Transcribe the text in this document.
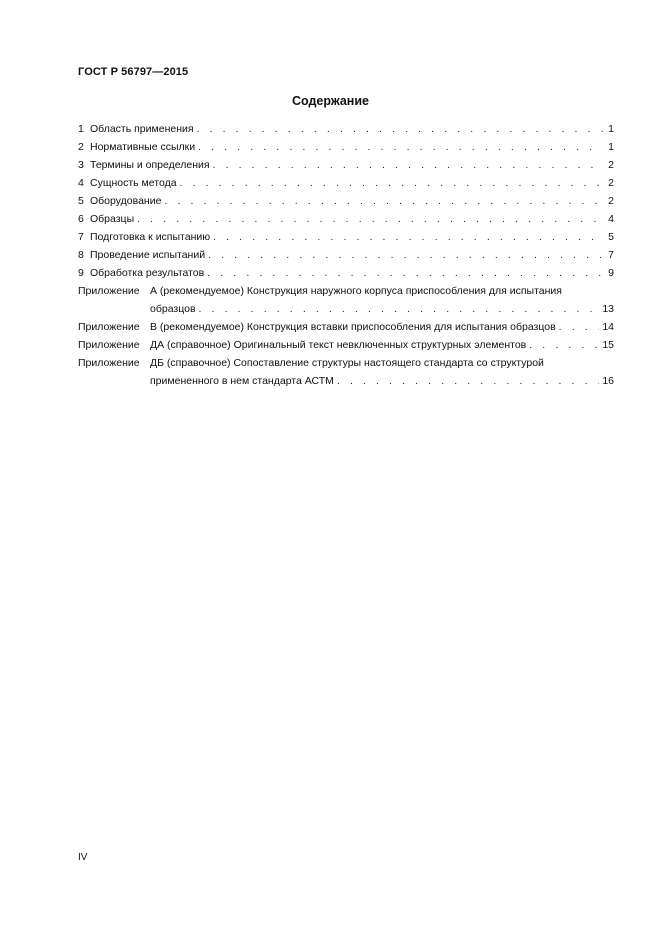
ГОСТ Р 56797—2015
Содержание
1 Область применения . . .	1
2 Нормативные ссылки . . .	1
3 Термины и определения . . .	2
4 Сущность метода . . .	2
5 Оборудование . . .	2
6 Образцы . . .	4
7 Подготовка к испытанию . . .	5
8 Проведение испытаний . . .	7
9 Обработка результатов . . .	9
Приложение А (рекомендуемое) Конструкция наружного корпуса приспособления для испытания
образцов . . .	13
Приложение В (рекомендуемое) Конструкция вставки приспособления для испытания образцов . . .	14
Приложение ДА (справочное) Оригинальный текст невключенных структурных элементов . . .	15
Приложение ДБ (справочное) Сопоставление структуры настоящего стандарта со структурой
примененного в нем стандарта АСТМ . . .	16
IV
